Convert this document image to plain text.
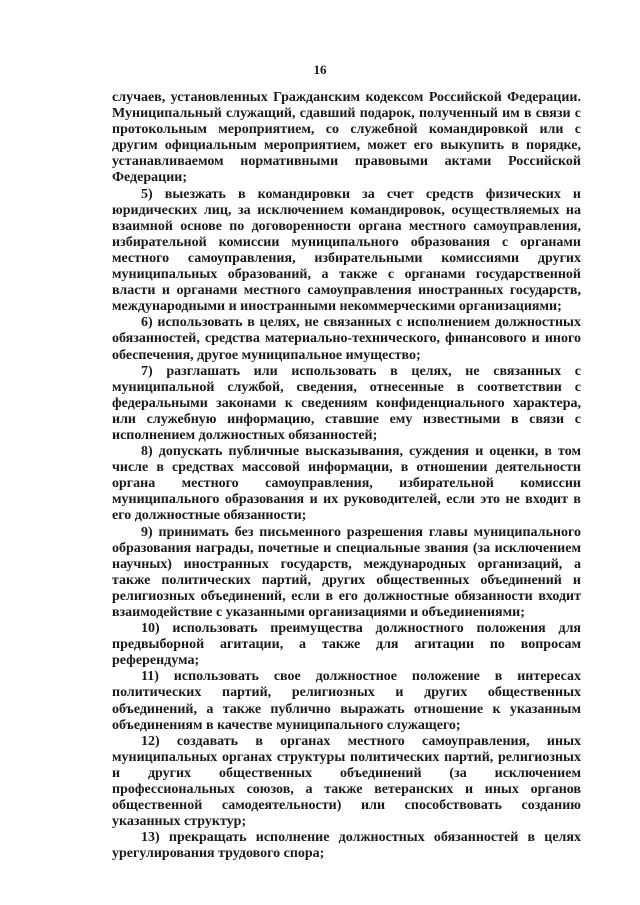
16

случаев, установленных Гражданским кодексом Российской Федерации. Муниципальный служащий, сдавший подарок, полученный им в связи с протокольным мероприятием, со служебной командировкой или с другим официальным мероприятием, может его выкупить в порядке, устанавливаемом нормативными правовыми актами Российской Федерации;

5) выезжать в командировки за счет средств физических и юридических лиц, за исключением командировок, осуществляемых на взаимной основе по договоренности органа местного самоуправления, избирательной комиссии муниципального образования с органами местного самоуправления, избирательными комиссиями других муниципальных образований, а также с органами государственной власти и органами местного самоуправления иностранных государств, международными и иностранными некоммерческими организациями;

6) использовать в целях, не связанных с исполнением должностных обязанностей, средства материально-технического, финансового и иного обеспечения, другое муниципальное имущество;

7) разглашать или использовать в целях, не связанных с муниципальной службой, сведения, отнесенные в соответствии с федеральными законами к сведениям конфиденциального характера, или служебную информацию, ставшие ему известными в связи с исполнением должностных обязанностей;

8) допускать публичные высказывания, суждения и оценки, в том числе в средствах массовой информации, в отношении деятельности органа местного самоуправления, избирательной комиссии муниципального образования и их руководителей, если это не входит в его должностные обязанности;

9) принимать без письменного разрешения главы муниципального образования награды, почетные и специальные звания (за исключением научных) иностранных государств, международных организаций, а также политических партий, других общественных объединений и религиозных объединений, если в его должностные обязанности входит взаимодействие с указанными организациями и объединениями;

10) использовать преимущества должностного положения для предвыборной агитации, а также для агитации по вопросам референдума;

11) использовать свое должностное положение в интересах политических партий, религиозных и других общественных объединений, а также публично выражать отношение к указанным объединениям в качестве муниципального служащего;

12) создавать в органах местного самоуправления, иных муниципальных органах структуры политических партий, религиозных и других общественных объединений (за исключением профессиональных союзов, а также ветеранских и иных органов общественной самодеятельности) или способствовать созданию указанных структур;

13) прекращать исполнение должностных обязанностей в целях урегулирования трудового спора;
